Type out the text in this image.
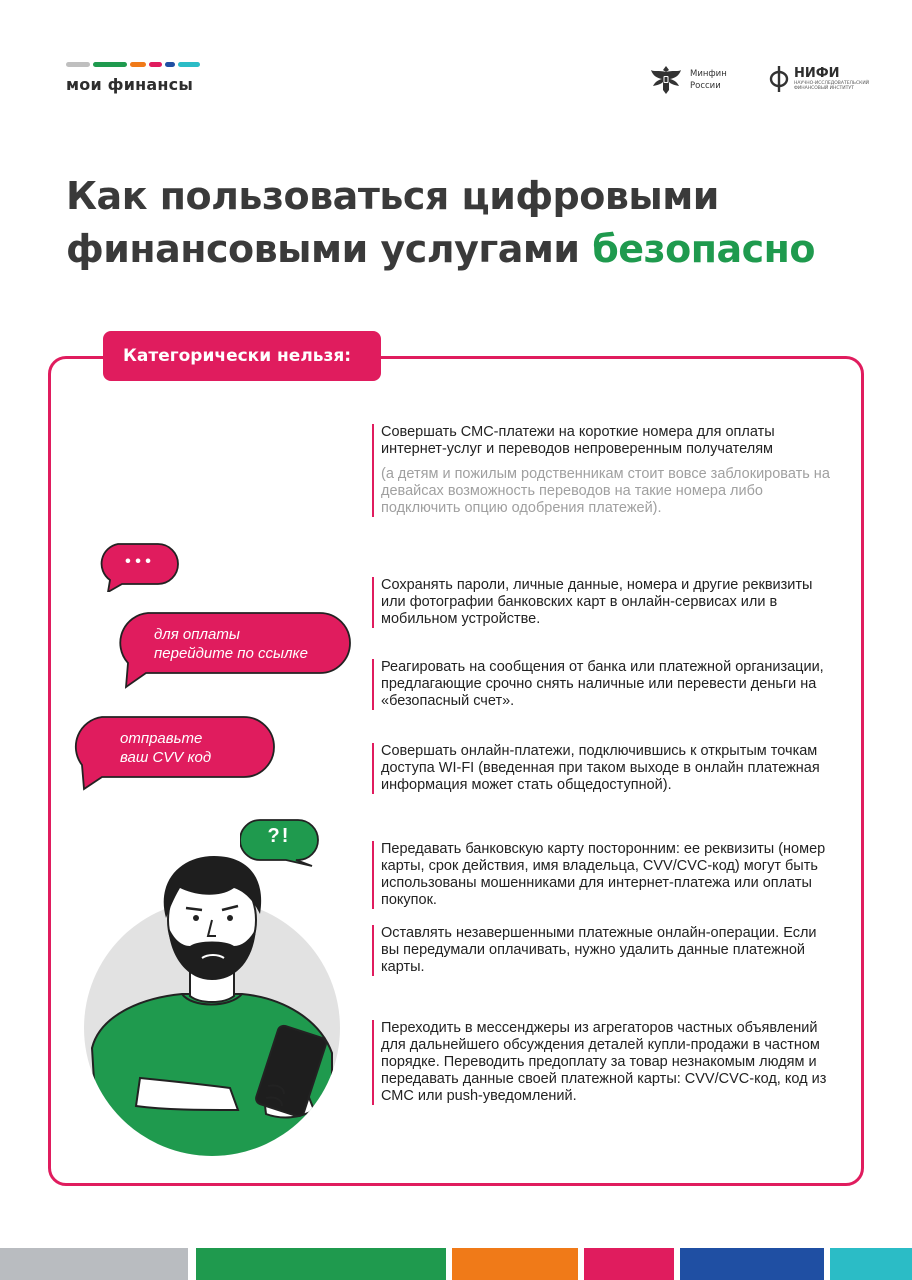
мои финансы
Минфин
России
НИФИ
НАУЧНО-ИССЛЕДОВАТЕЛЬСКИЙ ФИНАНСОВЫЙ ИНСТИТУТ
Как пользоваться цифровыми
финансовыми услугами безопасно
Категорически нельзя:
Совершать СМС-платежи на короткие номера для оплаты интернет-услуг и переводов непроверенным получателям
(а детям и пожилым родственникам стоит вовсе заблокировать на девайсах возможность переводов на такие номера либо подключить опцию одобрения платежей).
Сохранять пароли, личные данные, номера и другие реквизиты или фотографии банковских карт в онлайн-сервисах или в мобильном устройстве.
Реагировать на сообщения от банка или платежной организации, предлагающие срочно снять наличные или перевести деньги на «безопасный счет».
Совершать онлайн-платежи, подключившись к открытым точкам доступа WI-FI (введенная при таком выходе в онлайн платежная информация может стать общедоступной).
Передавать банковскую карту посторонним: ее реквизиты (номер карты, срок действия, имя владельца, CVV/CVC-код) могут быть использованы мошенниками для интернет-платежа или оплаты покупок.
Оставлять незавершенными платежные онлайн-операции. Если вы передумали оплачивать, нужно удалить данные платежной карты.
Переходить в мессенджеры из агрегаторов частных объявлений для дальнейшего обсуждения деталей купли-продажи в частном порядке. Переводить предоплату за товар незнакомым людям и передавать данные своей платежной карты: CVV/CVC-код, код из СМС или push-уведомлений.
• • •
для оплаты
перейдите по ссылке
отправьте
ваш CVV код
?!
